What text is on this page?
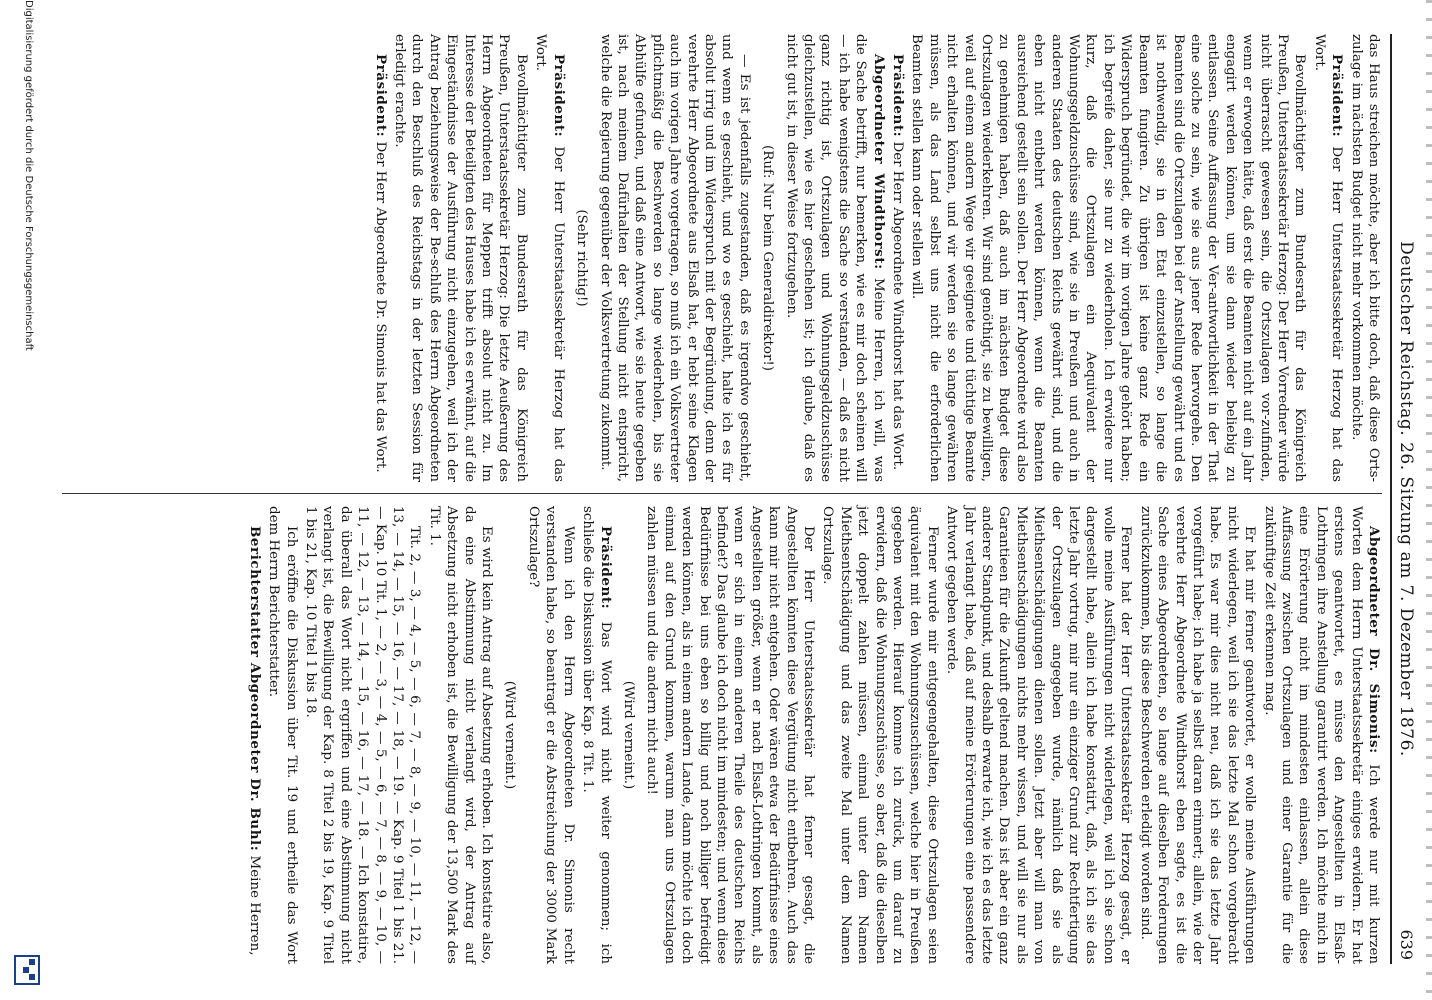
Deutscher Reichstag. 26. Sitzung am 7. Dezember 1876.
639

das Haus streichen möchte, aber ich bitte doch, daß diese Orts-zulage im nächsten Budget nicht mehr vorkommen möchte.

Präsident: Der Herr Unterstaatssekretär Herzog hat das Wort.

Bevollmächtigter zum Bundesrath für das Königreich Preußen, Unterstaatssekretär Herzog: Der Herr Vorredner würde nicht überrascht gewesen sein, die Ortszulagen vor-zufinden, wenn er erwogen hätte, daß erst die Beamten nicht auf ein Jahr engagirt werden können, um sie dann wieder beliebig zu entlassen. Seine Auffassung der Ver-antwortlichkeit in der That eine solche zu sein, wie sie aus jener Rede hervorgehe. Den Beamten sind die Ortszulagen bei der Anstellung gewährt und es ist nothwendig, sie in den Etat einzustellen, so lange die Beamten fungiren. Zu übrigen ist keine ganz Rede ein Widerspruch begründet, die wir im vorigen Jahre gehört haben; ich begreife daher, sie nur zu wiederholen. Ich erwidere nur kurz, daß die Ortszulagen ein Aequivalent der Wohnungsgeldzuschüsse sind, wie sie in Preußen und auch in anderen Staaten des deutschen Reichs gewährt sind, und die eben nicht entbehrt werden können, wenn die Beamten ausreichend gestellt sein sollen. Der Herr Abgeordnete wird also zu genehmigen haben, daß auch im nächsten Budget diese Ortszulagen wiederkehren. Wir sind genöthigt, sie zu bewilligen, weil auf einem andern Wege wir geeignete und tüchtige Beamte nicht erhalten können, und wir werden sie so lange gewähren müssen, als das Land selbst uns nicht die erforderlichen Beamten stellen kann oder stellen will.

Präsident: Der Herr Abgeordnete Windthorst hat das Wort.

Abgeordneter Windthorst: Meine Herren, ich will, was die Sache betrifft, nur bemerken, wie es mir doch scheinen will — ich habe wenigstens die Sache so verstanden, — daß es nicht ganz richtig ist, Ortszulagen und Wohnungsgeldzuschüsse gleichzustellen, wie es hier geschehen ist; ich glaube, daß es nicht gut ist, in dieser Weise fortzugehen.

(Ruf: Nur beim Generaldirektor!)

— Es ist jedenfalls zugestanden, daß es irgendwo geschieht, und wenn es geschieht, und wo es geschieht, halte ich es für absolut irrig und im Widerspruch mit der Begründung, denn der verehrte Herr Abgeordnete aus Elsaß hat, er hebt seine Klagen auch im vorigen Jahre vorgetragen, so muß ich ein Volksvertreter pflichtmäßig die Beschwerden so lange wiederholen, bis sie Abhülfe gefunden, und daß eine Antwort, wie sie heute gegeben ist, nach meinem Dafürhalten der Stellung nicht entspricht, welche die Regierung gegenüber der Volksvertretung zukommt.

(Sehr richtig!)

Präsident: Der Herr Unterstaatssekretär Herzog hat das Wort.

Bevollmächtigter zum Bundesrath für das Königreich Preußen, Unterstaatssekretär Herzog: Die letzte Aeußerung des Herrn Abgeordneten für Meppen trifft absolut nicht zu. Im Interesse der Beteiligten des Hauses habe ich es erwähnt, auf die Eingeständnisse der Ausführung nicht einzugehen, weil ich der Antrag beziehungsweise der Be-schluß des Herrn Abgeordneten durch den Beschluß des Reichstags in der letzten Session für erledigt erachte.

Präsident: Der Herr Abgeordnete Dr. Simonis hat das Wort.

Abgeordneter Dr. Simonis: Ich werde nur mit kurzen Worten dem Herrn Unterstaatssekretär einiges erwidern. Er hat erstens geantwortet, es müsse den Angestellten in Elsaß-Lothringen ihre Anstellung garantirt werden. Ich möchte mich in eine Erörterung nicht im mindesten einlassen, allein diese Auffassung zwischen Ortszulagen und einer Garantie für die zukünftige Zeit erkennen mag.

Er hat mir ferner geantwortet, er wolle meine Ausführungen nicht widerlegen, weil ich sie das letzte Mal schon vorgebracht habe. Es war mir dies nicht neu, daß ich sie das letzte Jahr vorgeführt habe; ich habe ja selbst daran erinnert; allein, wie der verehrte Herr Abgeordnete Windthorst eben sagte, es ist die Sache eines Abgeordneten, so lange auf dieselben Forderungen zurückzukommen, bis diese Beschwerden erledigt worden sind.

Ferner hat der Herr Unterstaatssekretär Herzog gesagt, er wolle meine Ausführungen nicht widerlegen, weil ich sie schon dargestellt habe, allein ich habe konstatirt, daß, als ich sie das letzte Jahr vortrug, mir nur ein einziger Grund zur Rechtfertigung der Ortszulagen angegeben wurde, nämlich daß sie als Miethsentschädigungen dienen sollen. Jetzt aber will man von Miethsentschädigungen nichts mehr wissen, und will sie nur als Garantieen für die Zukunft geltend machen. Das ist aber ein ganz anderer Standpunkt, und deshalb erwarte ich, wie ich es das letzte Jahr verlangt habe, daß auf meine Erörterungen eine passendere Antwort gegeben werde.

Ferner wurde mir entgegengehalten, diese Ortszulagen seien äquivalent mit den Wohnungszuschüssen, welche hier in Preußen gegeben werden. Hierauf komme ich zurück, um darauf zu erwidern, daß die Wohnungszuschüsse, so aber, daß die dieselben jetzt doppelt zahlen müssen, einmal unter dem Namen Miethsentschädigung und das zweite Mal unter dem Namen Ortszulage.

Der Herr Unterstaatssekretär hat ferner gesagt, die Angestellten könnten diese Vergütung nicht entbehren. Auch das kann mir nicht entgehen. Oder wären etwa der Bedürfnisse eines Angestellten größer, wenn er nach Elsaß-Lothringen kommt, als wenn er sich in einem anderen Theile des deutschen Reichs befindet? Das glaube ich doch nicht im mindesten; und wenn diese Bedürfnisse bei uns eben so billig und noch billiger befriedigt werden können, als in einem andern Lande, dann möchte ich doch einmal auf den Grund kommen, warum man uns Ortszulagen zahlen müssen und die andern nicht auch!

(Wird verneint.)

Präsident: Das Wort wird nicht weiter genommen; ich schließe die Diskussion über Kap. 8 Tit. 1.

Wenn ich den Herrn Abgeordneten Dr. Simonis recht verstanden habe, so beantragt er die Abstreichung der 3000 Mark Ortszulage?

(Wird verneint.)

Es wird kein Antrag auf Absetzung erhoben. Ich konstatire also, da eine Abstimmung nicht verlangt wird, der Antrag auf Absetzung nicht erhoben ist, die Bewilligung der 13,500 Mark des Tit. 1.

Tit. 2, — 3, — 4, — 5, — 6, — 7, — 8, — 9, — 10, — 11, — 12, — 13, — 14, — 15, — 16, — 17, — 18, — 19. — Kap. 9 Titel 1 bis 21. — Kap. 10 Tit. 1, — 2, — 3, — 4, — 5, — 6, — 7, — 8, — 9, — 10, — 11, — 12, — 13, — 14, — 15, — 16, — 17, — 18. — Ich konstatire, da überall das Wort nicht ergriffen und eine Abstimmung nicht verlangt ist, die Bewilligung der Kap. 8 Titel 2 bis 19, Kap. 9 Titel 1 bis 21, Kap. 10 Titel 1 bis 18.

Ich eröffne die Diskussion über Tit. 19 und ertheile das Wort dem Herrn Berichterstatter.

Berichterstatter Abgeordneter Dr. Buhl: Meine Herren,

Digitalisierung gefördert durch die Deutsche Forschungsgemeinschaft
